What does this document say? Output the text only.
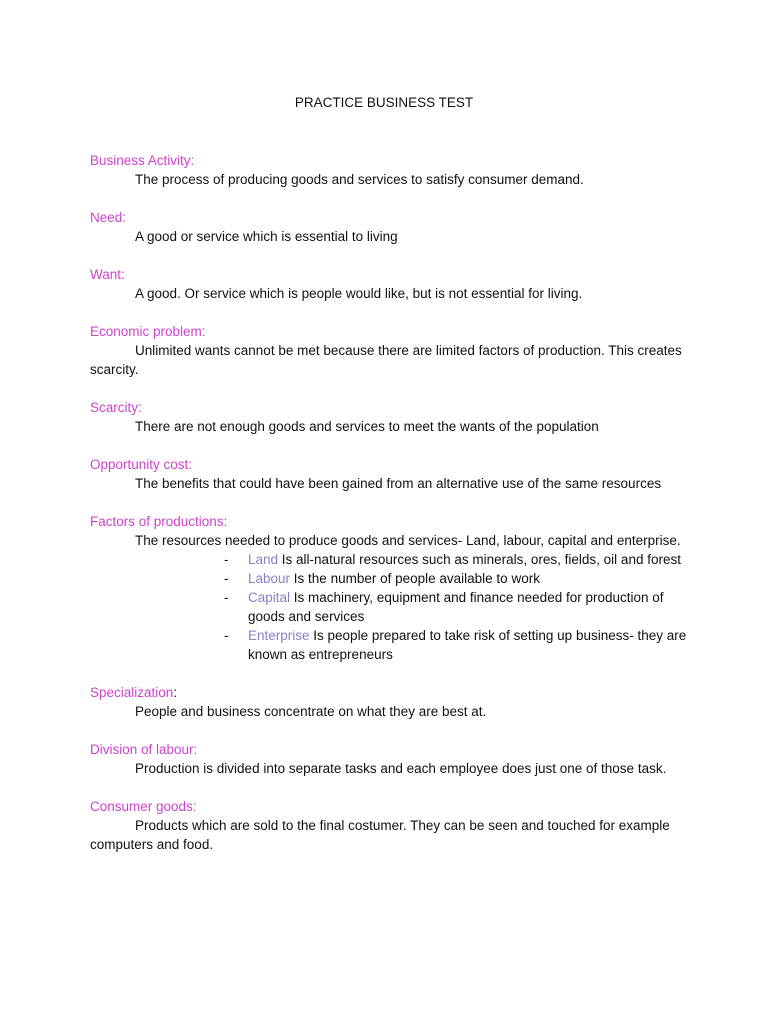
PRACTICE BUSINESS TEST
Business Activity:
The process of producing goods and services to satisfy consumer demand.
Need:
A good or service which is essential to living
Want:
A good. Or service which is people would like, but is not essential for living.
Economic problem:
Unlimited wants cannot be met because there are limited factors of production. This creates scarcity.
Scarcity:
There are not enough goods and services to meet the wants of the population
Opportunity cost:
The benefits that could have been gained from an alternative use of the same resources
Factors of productions:
The resources needed to produce goods and services- Land, labour, capital and enterprise.
- Land Is all-natural resources such as minerals, ores, fields, oil and forest
- Labour Is the number of people available to work
- Capital Is machinery, equipment and finance needed for production of goods and services
- Enterprise Is people prepared to take risk of setting up business- they are known as entrepreneurs
Specialization:
People and business concentrate on what they are best at.
Division of labour:
Production is divided into separate tasks and each employee does just one of those task.
Consumer goods:
Products which are sold to the final costumer. They can be seen and touched for example computers and food.
